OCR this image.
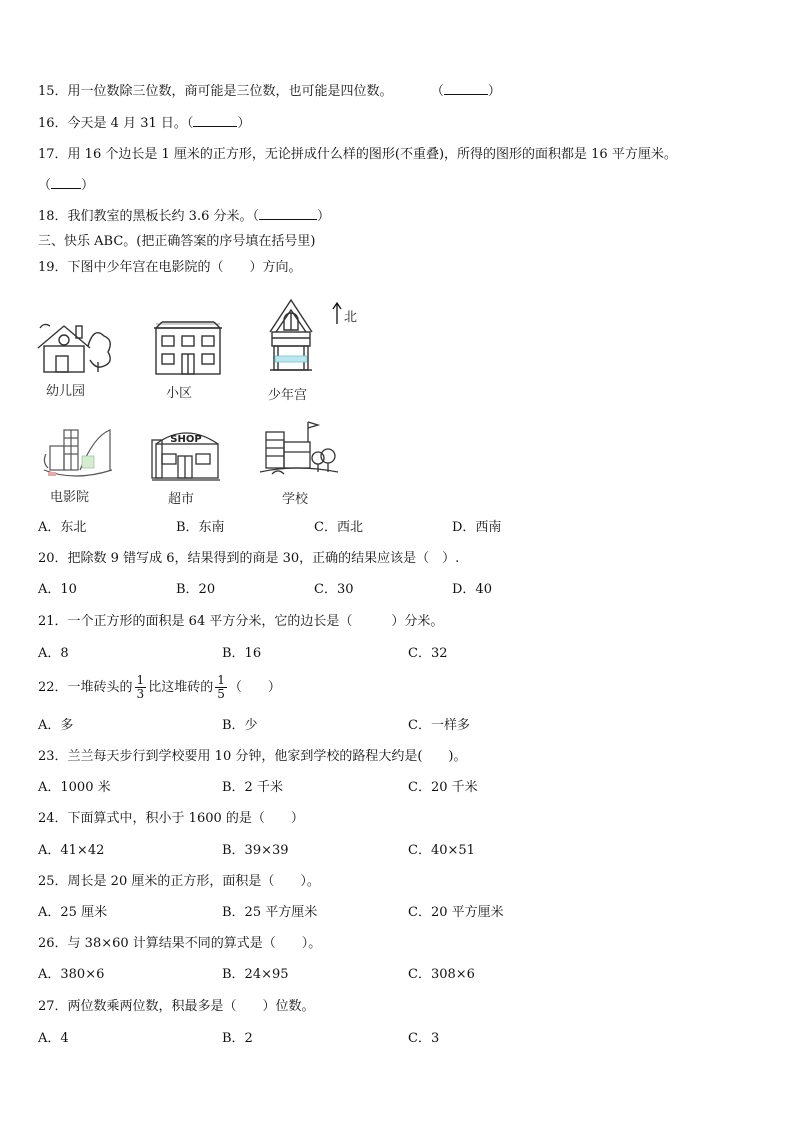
15．用一位数除三位数，商可能是三位数，也可能是四位数。	（	）
16．今天是 4 月 31 日。（	）
17．用 16 个边长是 1 厘米的正方形，无论拼成什么样的图形(不重叠)，所得的图形的面积都是 16 平方厘米。
（ ）
18．我们教室的黑板长约 3.6 分米。（	）
三、快乐 ABC。(把正确答案的序号填在括号里)
19．下图中少年宫在电影院的（　　）方向。
北
幼儿园	小区	少年宫
电影院
SHOP
超市	学校
A．东北	B．东南	C．西北	D．西南
20．把除数 9 错写成 6，结果得到的商是 30，正确的结果应该是（　）.
A．10	B．20	C．30	D．40
21．一个正方形的面积是 64 平方分米，它的边长是（　　　）分米。
A．8	B．16	C．32
22．一堆砖头的 $\frac{1}{3}$ 比这堆砖的 $\frac{1}{5}$ （　　）
A．多	B．少	C．一样多
23．兰兰每天步行到学校要用 10 分钟，他家到学校的路程大约是(　　)。
A．1000 米	B．2 千米	C．20 千米
24．下面算式中，积小于 1600 的是（　　）
A．41×42	B．39×39	C．40×51
25．周长是 20 厘米的正方形，面积是（　　）。
A．25 厘米	B．25 平方厘米	C．20 平方厘米
26．与 38×60 计算结果不同的算式是（　　）。
A．380×6	B．24×95	C．308×6
27．两位数乘两位数，积最多是（　　）位数。
A．4	B．2	C．3
